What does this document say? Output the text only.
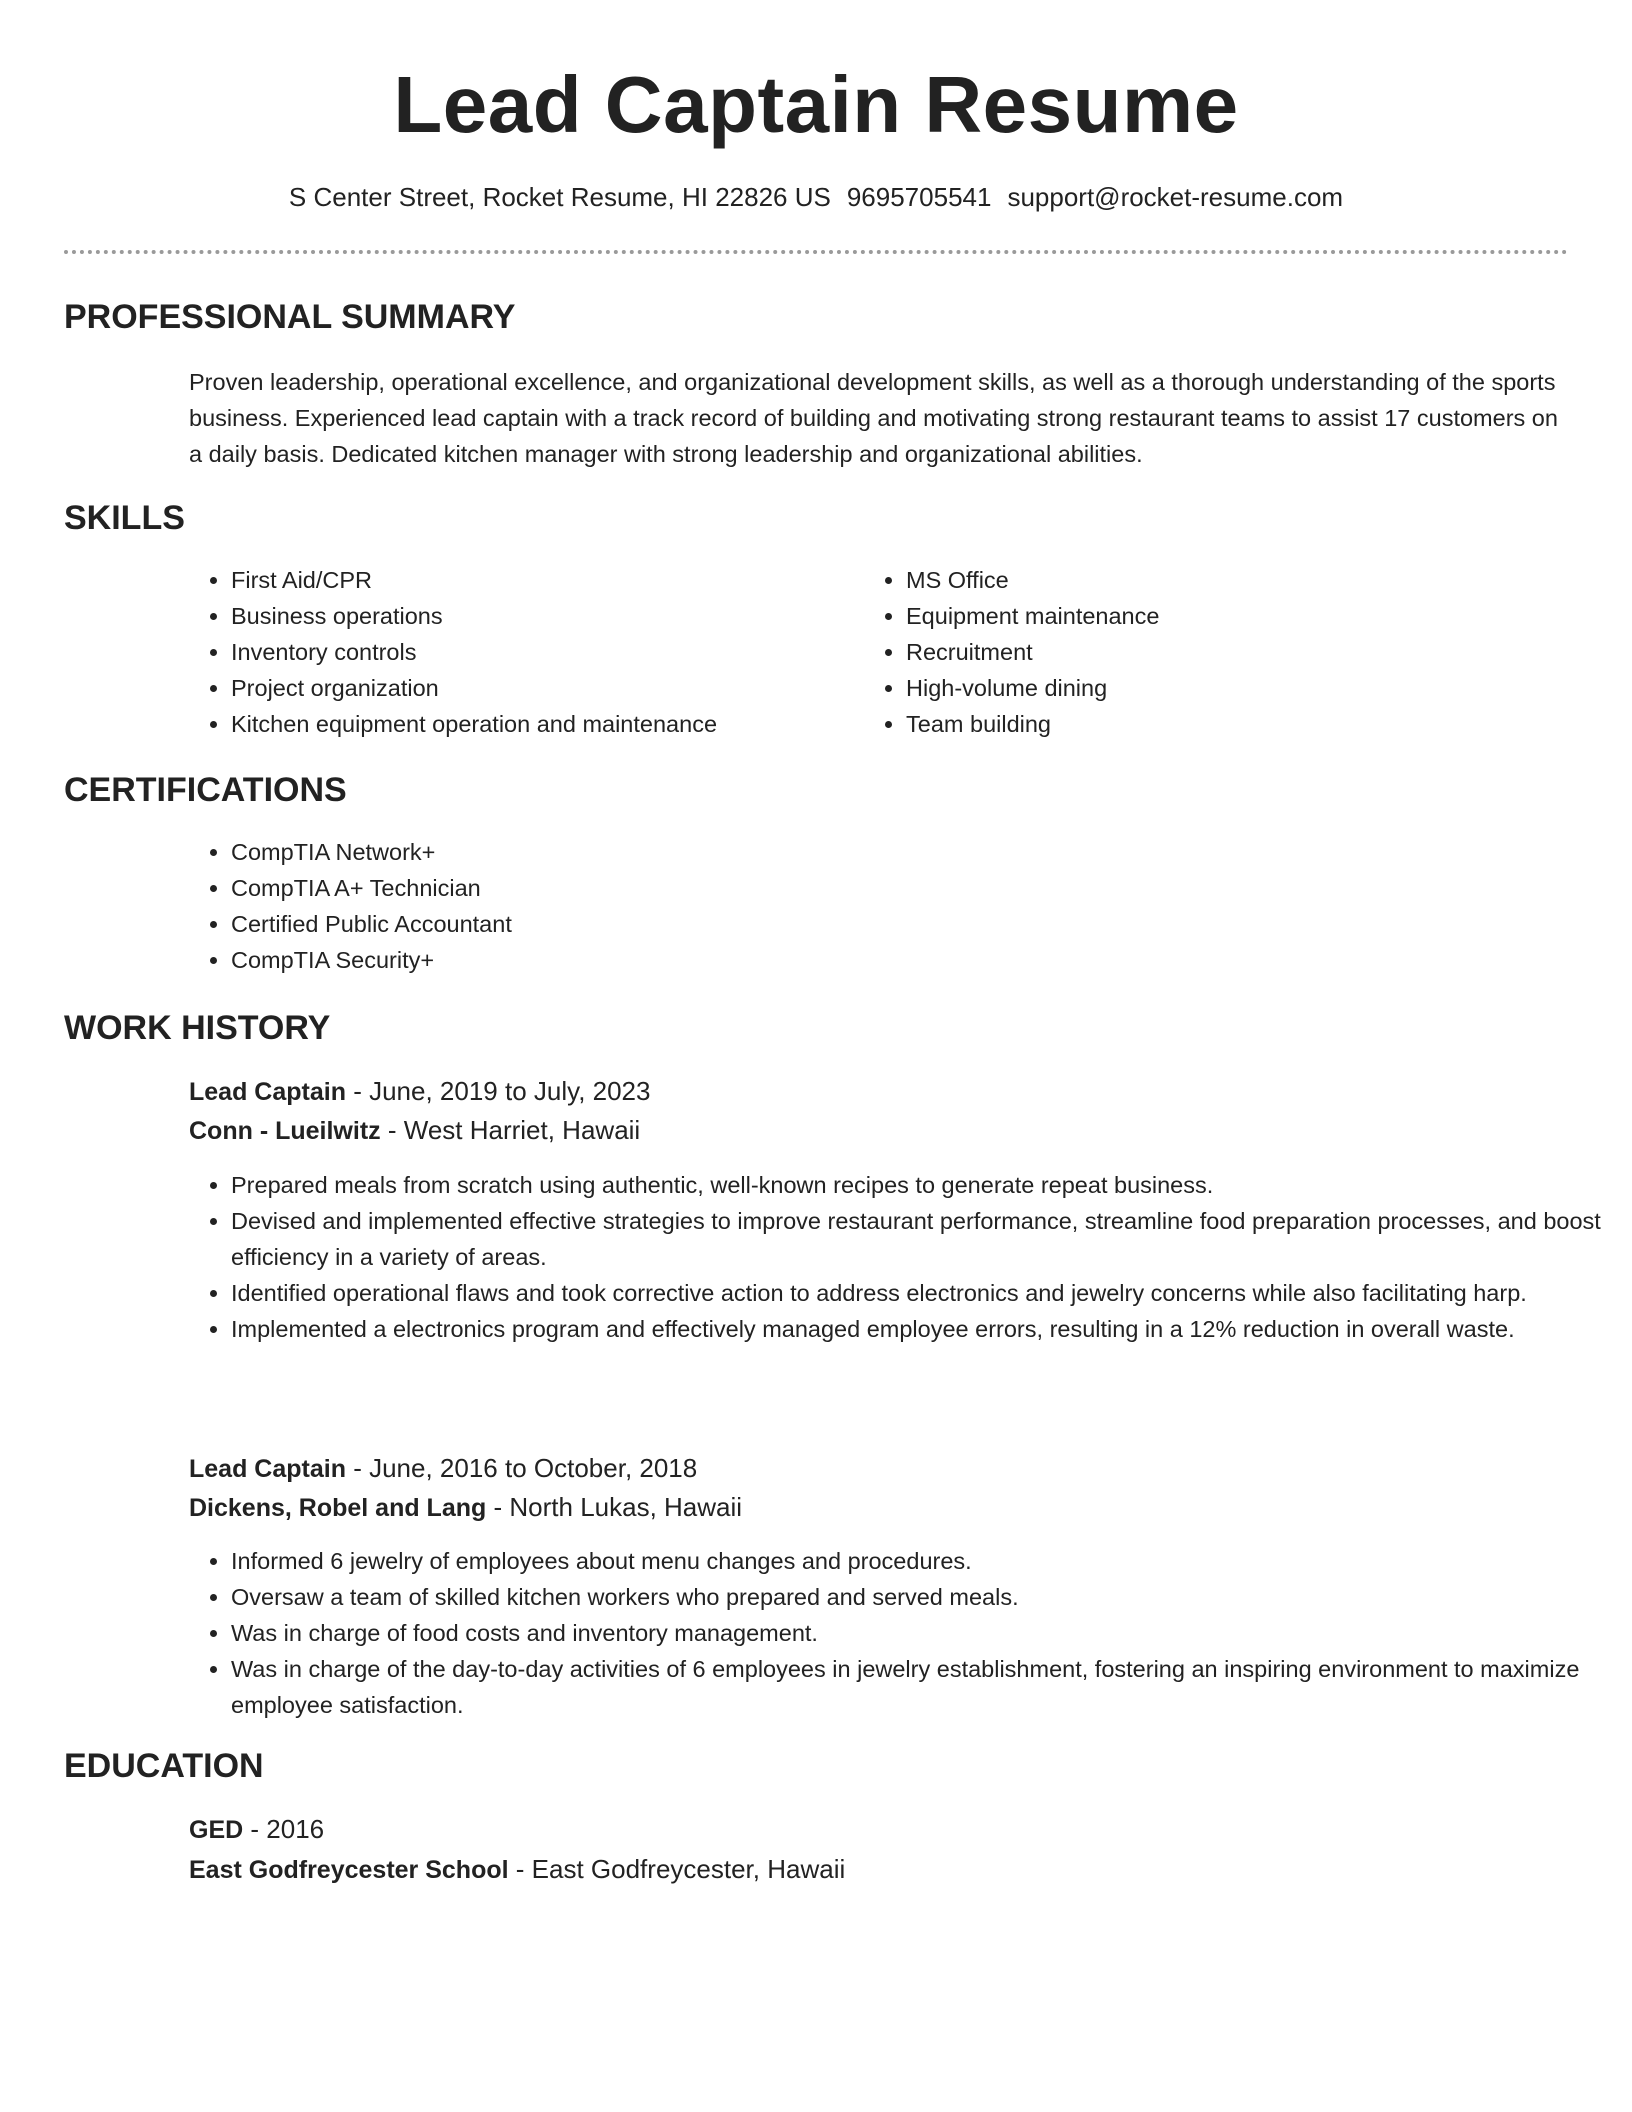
Lead Captain Resume
S Center Street, Rocket Resume, HI 22826 US 9695705541 support@rocket-resume.com
PROFESSIONAL SUMMARY

Proven leadership, operational excellence, and organizational development skills, as well as a thorough understanding of the sports business. Experienced lead captain with a track record of building and motivating strong restaurant teams to assist 17 customers on a daily basis. Dedicated kitchen manager with strong leadership and organizational abilities.

SKILLS
• First Aid/CPR
• Business operations
• Inventory controls
• Project organization
• Kitchen equipment operation and maintenance
• MS Office
• Equipment maintenance
• Recruitment
• High-volume dining
• Team building
CERTIFICATIONS
• CompTIA Network+
• CompTIA A+ Technician
• Certified Public Accountant
• CompTIA Security+
WORK HISTORY
Lead Captain - June, 2019 to July, 2023
Conn - Lueilwitz - West Harriet, Hawaii
• Prepared meals from scratch using authentic, well-known recipes to generate repeat business.
• Devised and implemented effective strategies to improve restaurant performance, streamline food preparation processes, and boost efficiency in a variety of areas.
• Identified operational flaws and took corrective action to address electronics and jewelry concerns while also facilitating harp.
• Implemented a electronics program and effectively managed employee errors, resulting in a 12% reduction in overall waste.
Lead Captain - June, 2016 to October, 2018
Dickens, Robel and Lang - North Lukas, Hawaii
• Informed 6 jewelry of employees about menu changes and procedures.
• Oversaw a team of skilled kitchen workers who prepared and served meals.
• Was in charge of food costs and inventory management.
• Was in charge of the day-to-day activities of 6 employees in jewelry establishment, fostering an inspiring environment to maximize employee satisfaction.
EDUCATION
GED - 2016
East Godfreycester School - East Godfreycester, Hawaii
